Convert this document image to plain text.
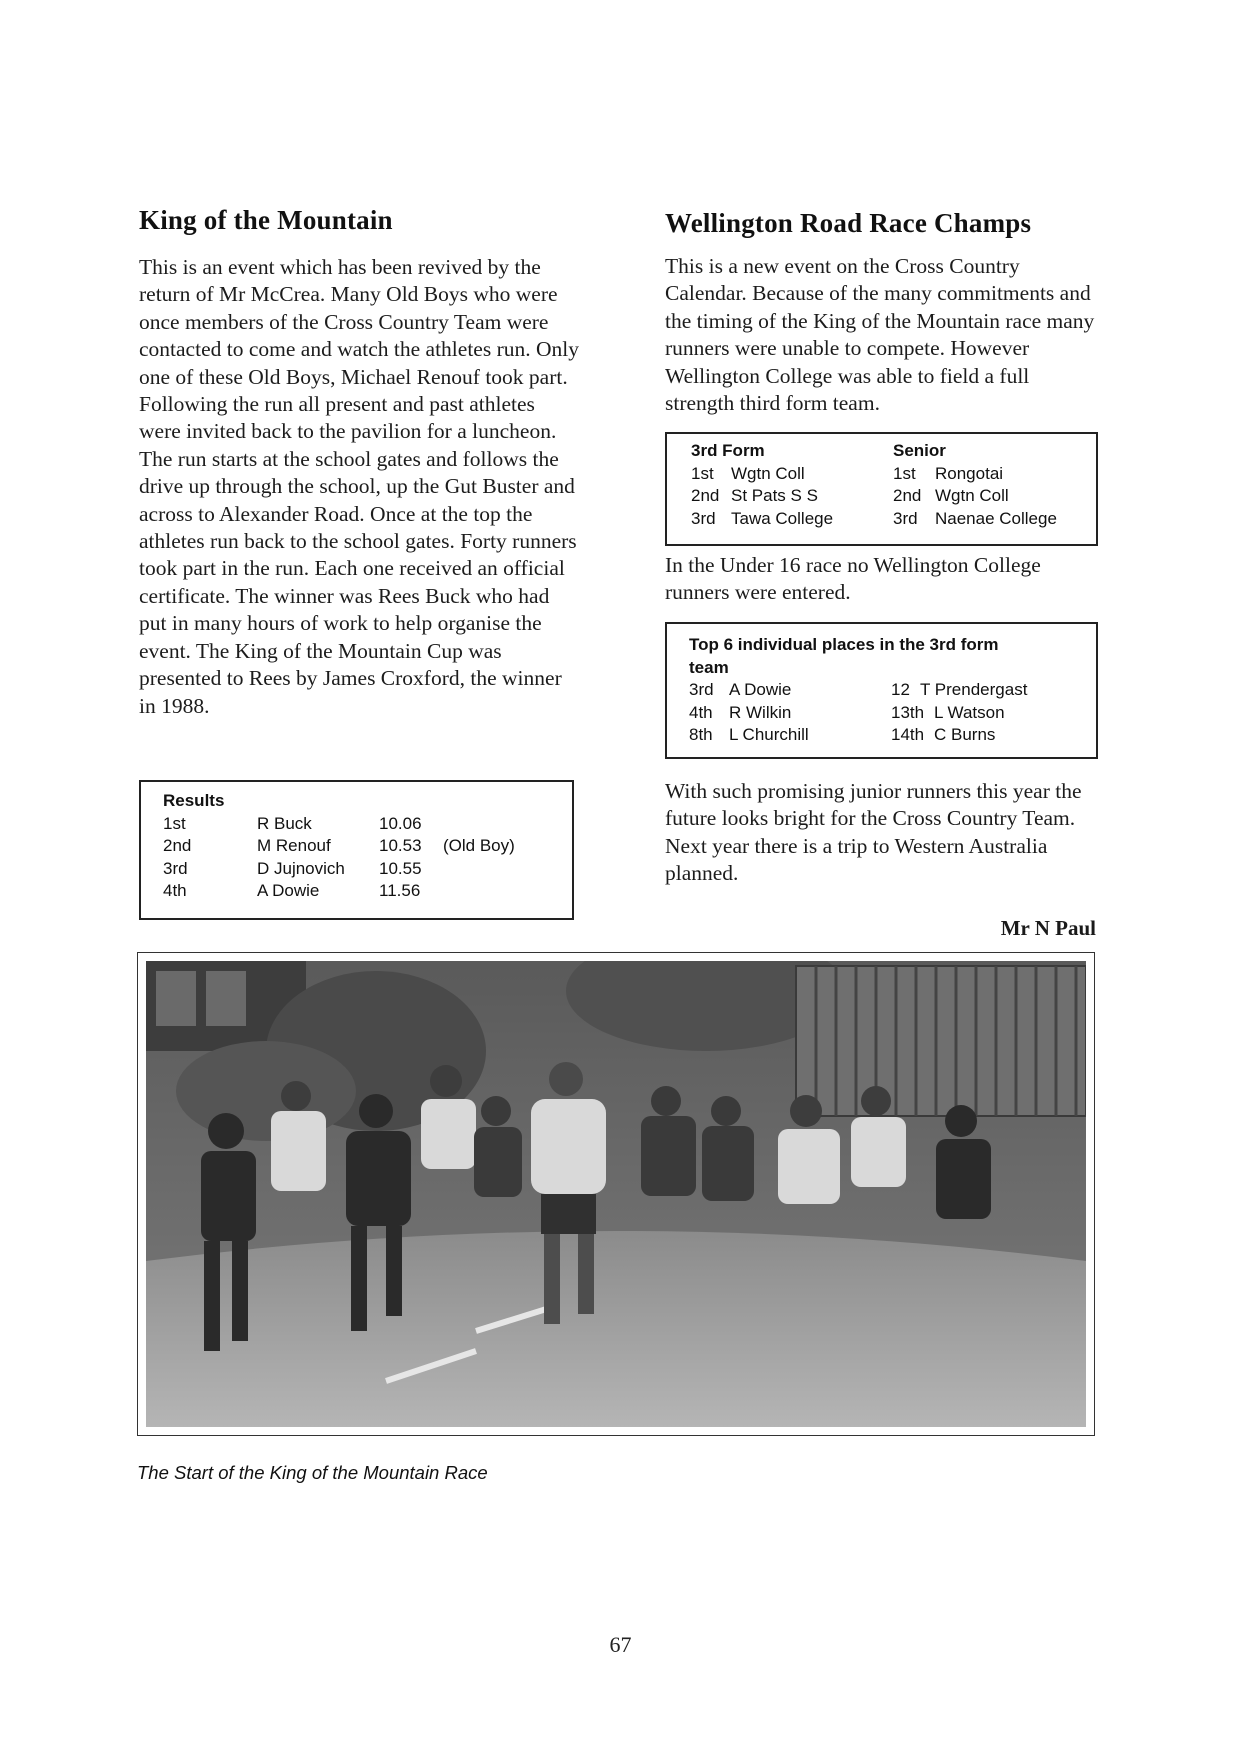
King of the Mountain

This is an event which has been revived by the return of Mr McCrea. Many Old Boys who were once members of the Cross Country Team were contacted to come and watch the athletes run. Only one of these Old Boys, Michael Renouf took part. Following the run all present and past athletes were invited back to the pavilion for a luncheon. The run starts at the school gates and follows the drive up through the school, up the Gut Buster and across to Alexander Road. Once at the top the athletes run back to the school gates. Forty runners took part in the run. Each one received an official certificate. The winner was Rees Buck who had put in many hours of work to help organise the event. The King of the Mountain Cup was presented to Rees by James Croxford, the winner in 1988.

Results
1st	R Buck	10.06
2nd	M Renouf	10.53 (Old Boy)
3rd	D Jujnovich 10.55
4th	A Dowie	11.56
Wellington Road Race Champs

This is a new event on the Cross Country Calendar. Because of the many commitments and the timing of the King of the Mountain race many runners were unable to compete. However Wellington College was able to field a full strength third form team.

3rd Form	Senior
1st Wgtn Coll	1st Rongotai
2nd St Pats S S	2nd Wgtn Coll
3rd Tawa College	3rd Naenae College

In the Under 16 race no Wellington College runners were entered.

Top 6 individual places in the 3rd form
team
3rd A Dowie	12 T Prendergast
4th R Wilkin	13th L Watson
8th L Churchill	14th C Burns

With such promising junior runners this year the future looks bright for the Cross Country Team. Next year there is a trip to Western Australia planned.

Mr N Paul
The Start of the King of the Mountain Race
67
